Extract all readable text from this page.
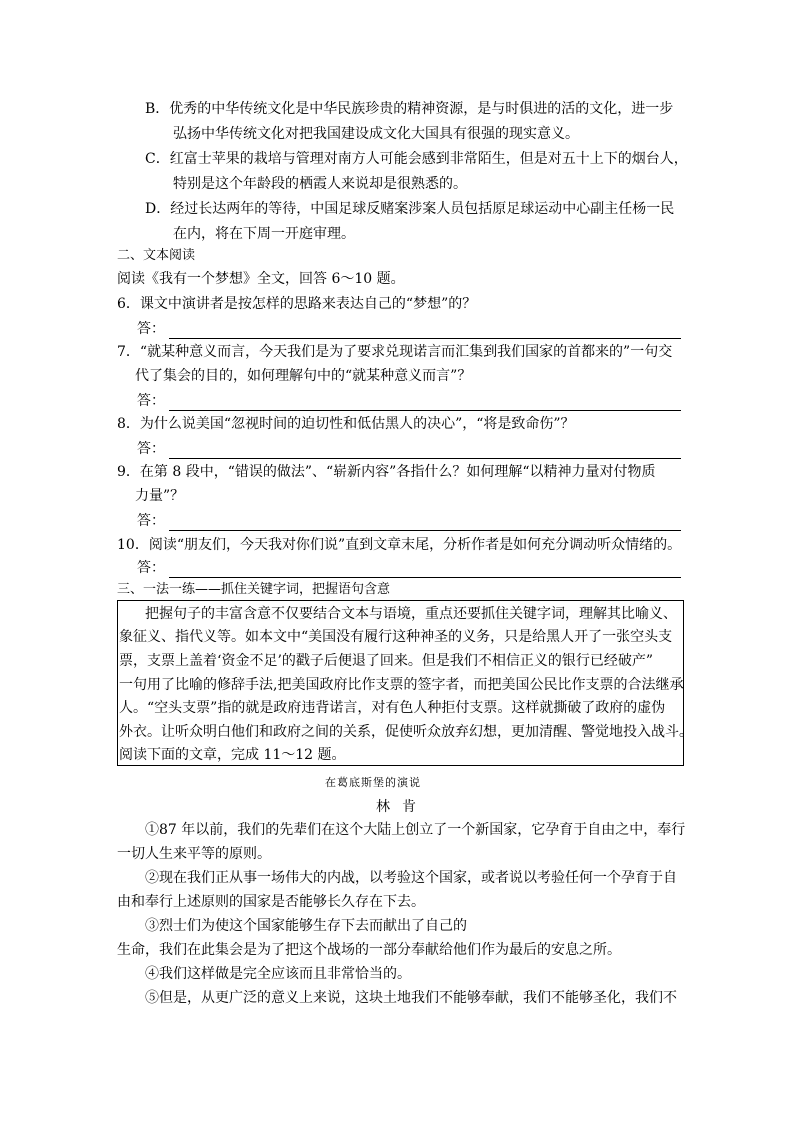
B．优秀的中华传统文化是中华民族珍贵的精神资源，是与时俱进的活的文化，进一步
弘扬中华传统文化对把我国建设成文化大国具有很强的现实意义。
C．红富士苹果的栽培与管理对南方人可能会感到非常陌生，但是对五十上下的烟台人，
特别是这个年龄段的栖霞人来说却是很熟悉的。
D．经过长达两年的等待，中国足球反赌案涉案人员包括原足球运动中心副主任杨一民
在内，将在下周一开庭审理。
二、文本阅读
阅读《我有一个梦想》全文，回答 6～10 题。
6．课文中演讲者是按怎样的思路来表达自己的“梦想”的？
答：
7．“就某种意义而言，今天我们是为了要求兑现诺言而汇集到我们国家的首都来的”一句交
代了集会的目的，如何理解句中的“就某种意义而言”？
答：
8．为什么说美国“忽视时间的迫切性和低估黑人的决心”，“将是致命伤”？
答：
9．在第 8 段中，“错误的做法”、“崭新内容”各指什么？如何理解“以精神力量对付物质
力量”？
答：
10．阅读“朋友们，今天我对你们说”直到文章末尾，分析作者是如何充分调动听众情绪的。
答：
三、一法一练——抓住关键字词，把握语句含意
把握句子的丰富含意不仅要结合文本与语境，重点还要抓住关键字词，理解其比喻义、
象征义、指代义等。如本文中“美国没有履行这种神圣的义务，只是给黑人开了一张空头支
票，支票上盖着‘资金不足’的戳子后便退了回来。但是我们不相信正义的银行已经破产”
一句用了比喻的修辞手法,把美国政府比作支票的签字者，而把美国公民比作支票的合法继承
人。“空头支票”指的就是政府违背诺言，对有色人种拒付支票。这样就撕破了政府的虚伪
外衣。让听众明白他们和政府之间的关系，促使听众放弃幻想，更加清醒、警觉地投入战斗。
阅读下面的文章，完成 11～12 题。
在葛底斯堡的演说
林肯
①87 年以前，我们的先辈们在这个大陆上创立了一个新国家，它孕育于自由之中，奉行
一切人生来平等的原则。
②现在我们正从事一场伟大的内战，以考验这个国家，或者说以考验任何一个孕育于自
由和奉行上述原则的国家是否能够长久存在下去。
③烈士们为使这个国家能够生存下去而献出了自己的
生命，我们在此集会是为了把这个战场的一部分奉献给他们作为最后的安息之所。
④我们这样做是完全应该而且非常恰当的。
⑤但是，从更广泛的意义上来说，这块土地我们不能够奉献，我们不能够圣化，我们不
